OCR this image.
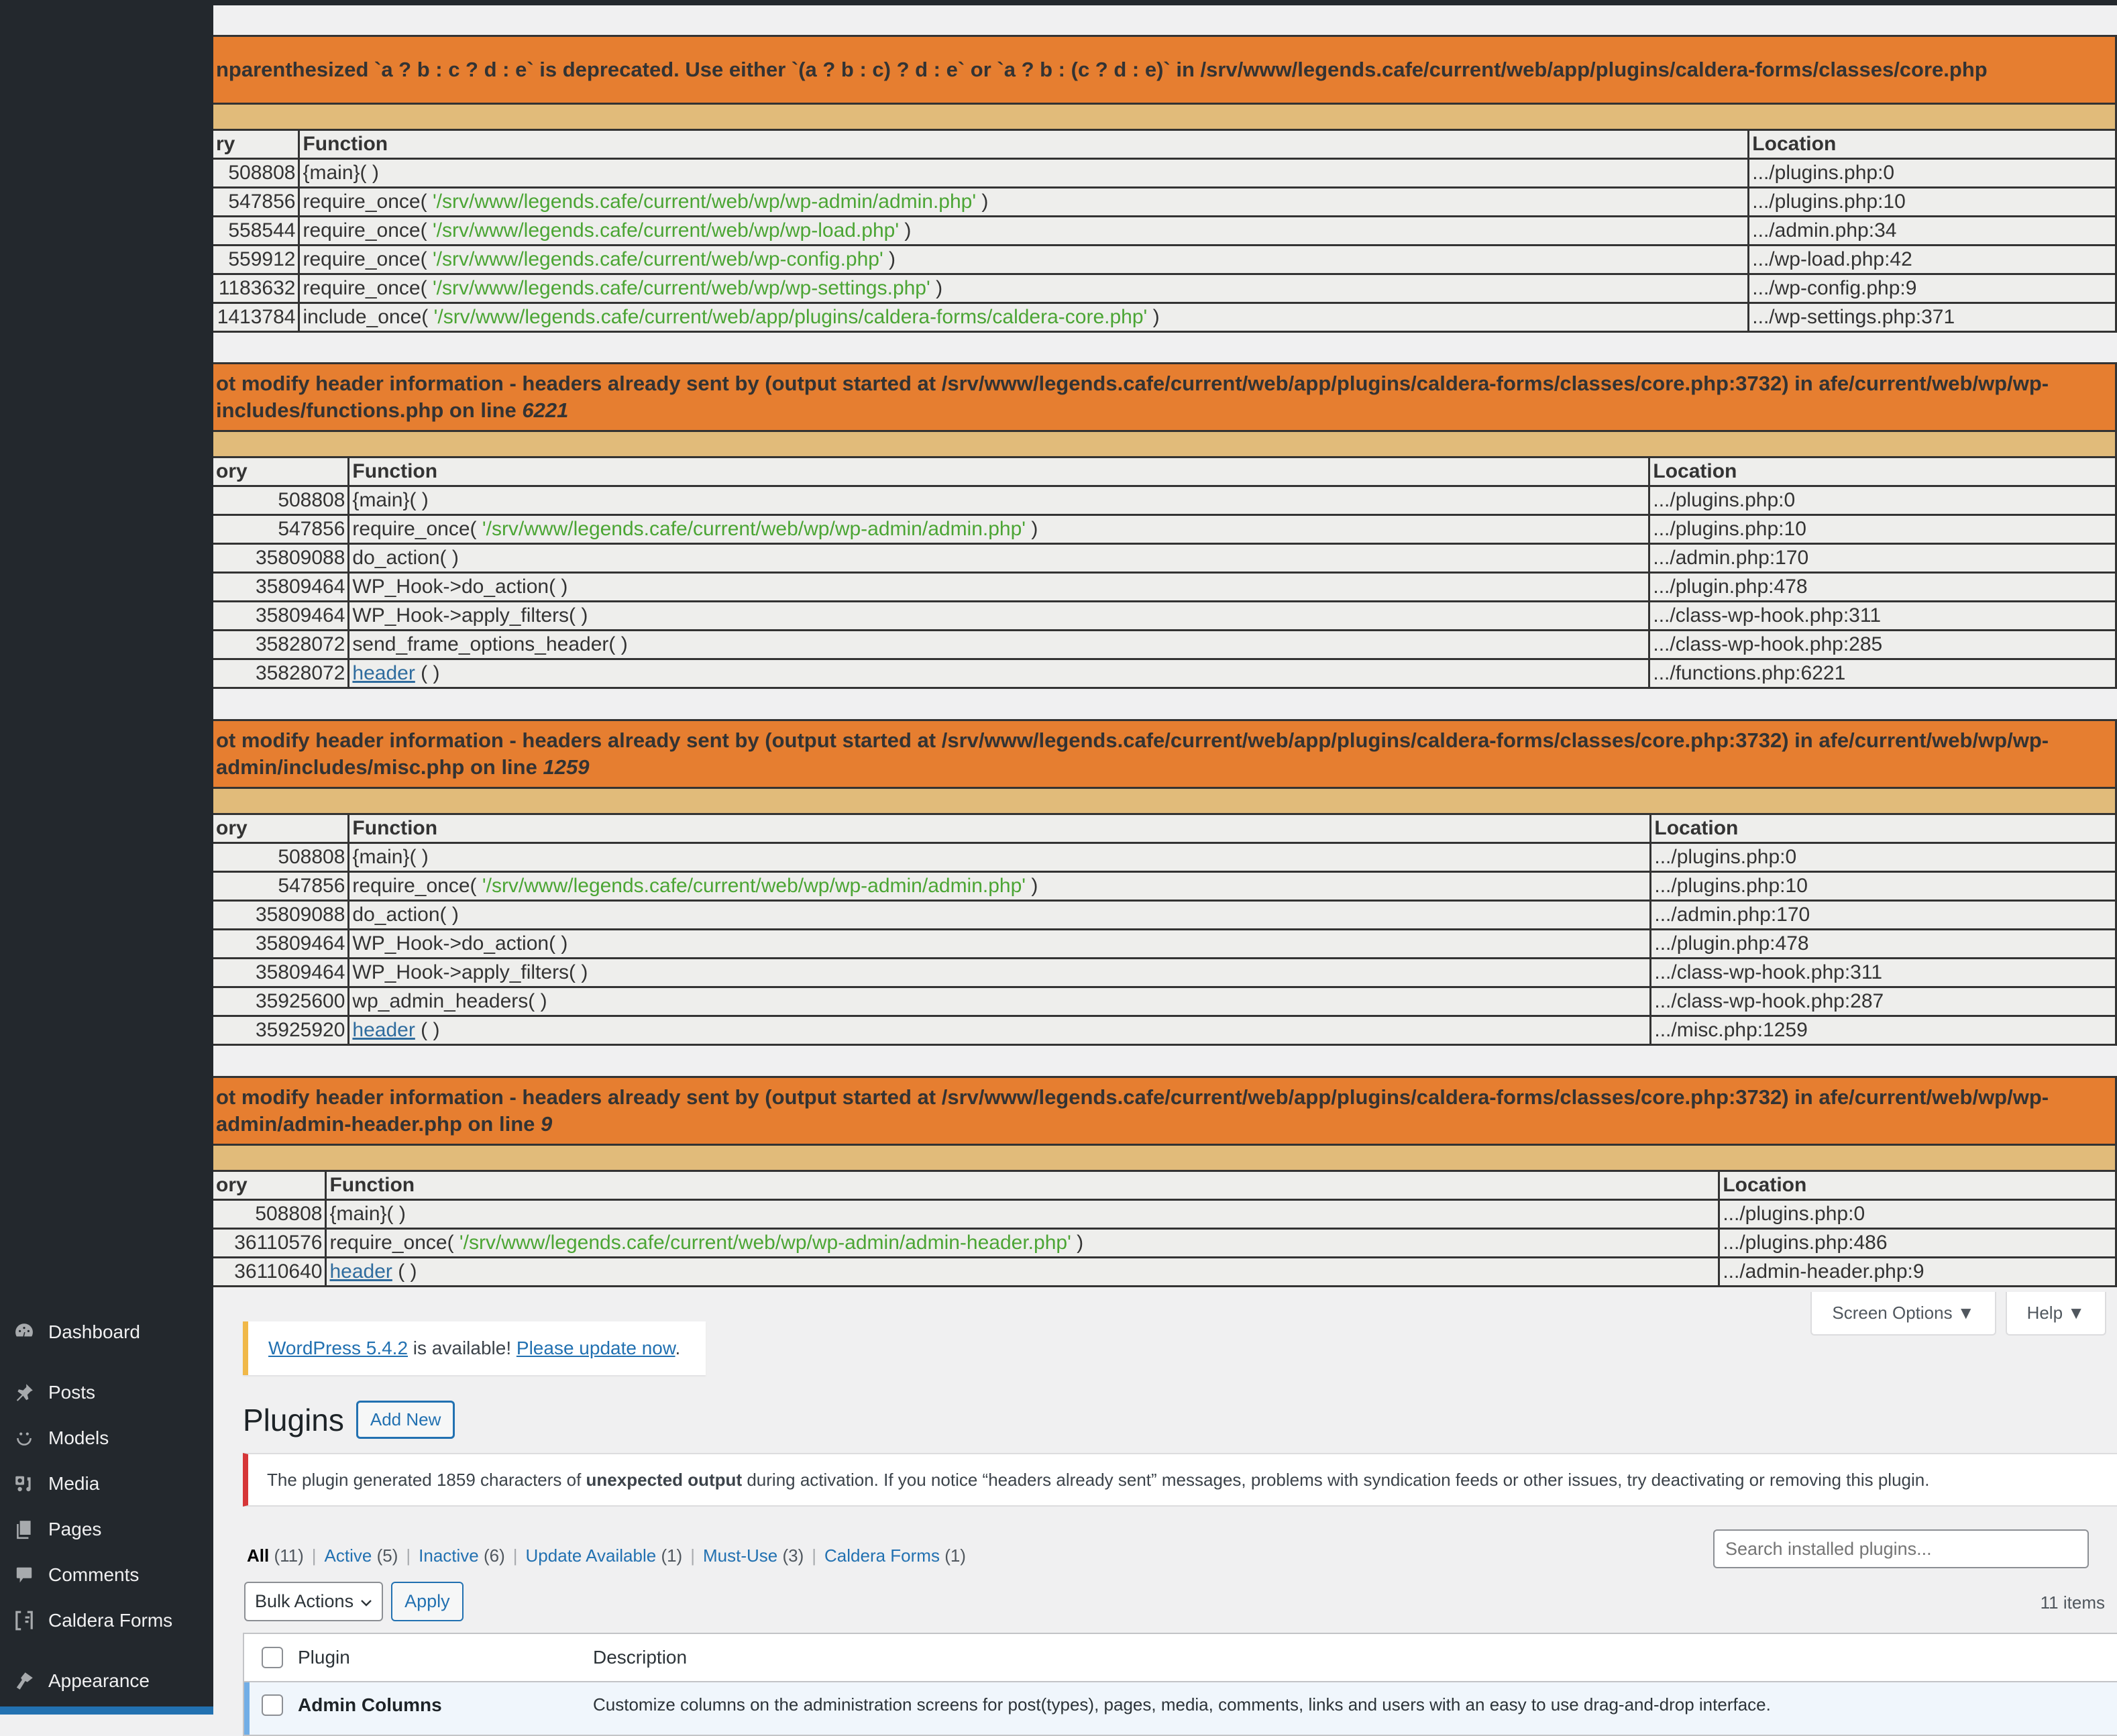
Dashboard
Posts
Models
Media
Pages
Comments
Caldera Forms
Appearance
nparenthesized `a ? b : c ? d : e` is deprecated. Use either `(a ? b : c) ? d : e` or `a ? b : (c ? d : e)` in /srv/www/legends.cafe/current/web/app/plugins/caldera-forms/classes/core.php		

ry	Function	Location
508808	{main}( )	.../plugins.php:0
547856	require_once( '/srv/www/legends.cafe/current/web/wp/wp-admin/admin.php' )	.../plugins.php:10
558544	require_once( '/srv/www/legends.cafe/current/web/wp/wp-load.php' )	.../admin.php:34
559912	require_once( '/srv/www/legends.cafe/current/web/wp-config.php' )	.../wp-load.php:42
1183632	require_once( '/srv/www/legends.cafe/current/web/wp/wp-settings.php' )	.../wp-config.php:9
1413784	include_once( '/srv/www/legends.cafe/current/web/app/plugins/caldera-forms/caldera-core.php' )	.../wp-settings.php:371
ot modify header information - headers already sent by (output started at /srv/www/legends.cafe/current/web/app/plugins/caldera-forms/classes/core.php:3732) in afe/current/web/wp/wp-includes/functions.php on line 6221		

ory	Function	Location
508808	{main}( )	.../plugins.php:0
547856	require_once( '/srv/www/legends.cafe/current/web/wp/wp-admin/admin.php' )	.../plugins.php:10
35809088	do_action( )	.../admin.php:170
35809464	WP_Hook->do_action( )	.../plugin.php:478
35809464	WP_Hook->apply_filters( )	.../class-wp-hook.php:311
35828072	send_frame_options_header( )	.../class-wp-hook.php:285
35828072	header ( )	.../functions.php:6221
ot modify header information - headers already sent by (output started at /srv/www/legends.cafe/current/web/app/plugins/caldera-forms/classes/core.php:3732) in afe/current/web/wp/wp-admin/includes/misc.php on line 1259		

ory	Function	Location
508808	{main}( )	.../plugins.php:0
547856	require_once( '/srv/www/legends.cafe/current/web/wp/wp-admin/admin.php' )	.../plugins.php:10
35809088	do_action( )	.../admin.php:170
35809464	WP_Hook->do_action( )	.../plugin.php:478
35809464	WP_Hook->apply_filters( )	.../class-wp-hook.php:311
35925600	wp_admin_headers( )	.../class-wp-hook.php:287
35925920	header ( )	.../misc.php:1259
ot modify header information - headers already sent by (output started at /srv/www/legends.cafe/current/web/app/plugins/caldera-forms/classes/core.php:3732) in afe/current/web/wp/wp-admin/admin-header.php on line 9		

ory	Function	Location
508808	{main}( )	.../plugins.php:0
36110576	require_once( '/srv/www/legends.cafe/current/web/wp/wp-admin/admin-header.php' )	.../plugins.php:486
36110640	header ( )	.../admin-header.php:9
Screen Options ▼	Help ▼
WordPress 5.4.2 is available! Please update now.
Plugins	Add New
The plugin generated 1859 characters of unexpected output during activation. If you notice “headers already sent” messages, problems with syndication feeds or other issues, try deactivating or removing this plugin.
All (11) | Active (5) | Inactive (6) | Update Available (1) | Must-Use (3) | Caldera Forms (1)
Search installed plugins...
Bulk Actions	Apply	11 items
Plugin	Description
Admin Columns	Customize columns on the administration screens for post(types), pages, media, comments, links and users with an easy to use drag-and-drop interface.
